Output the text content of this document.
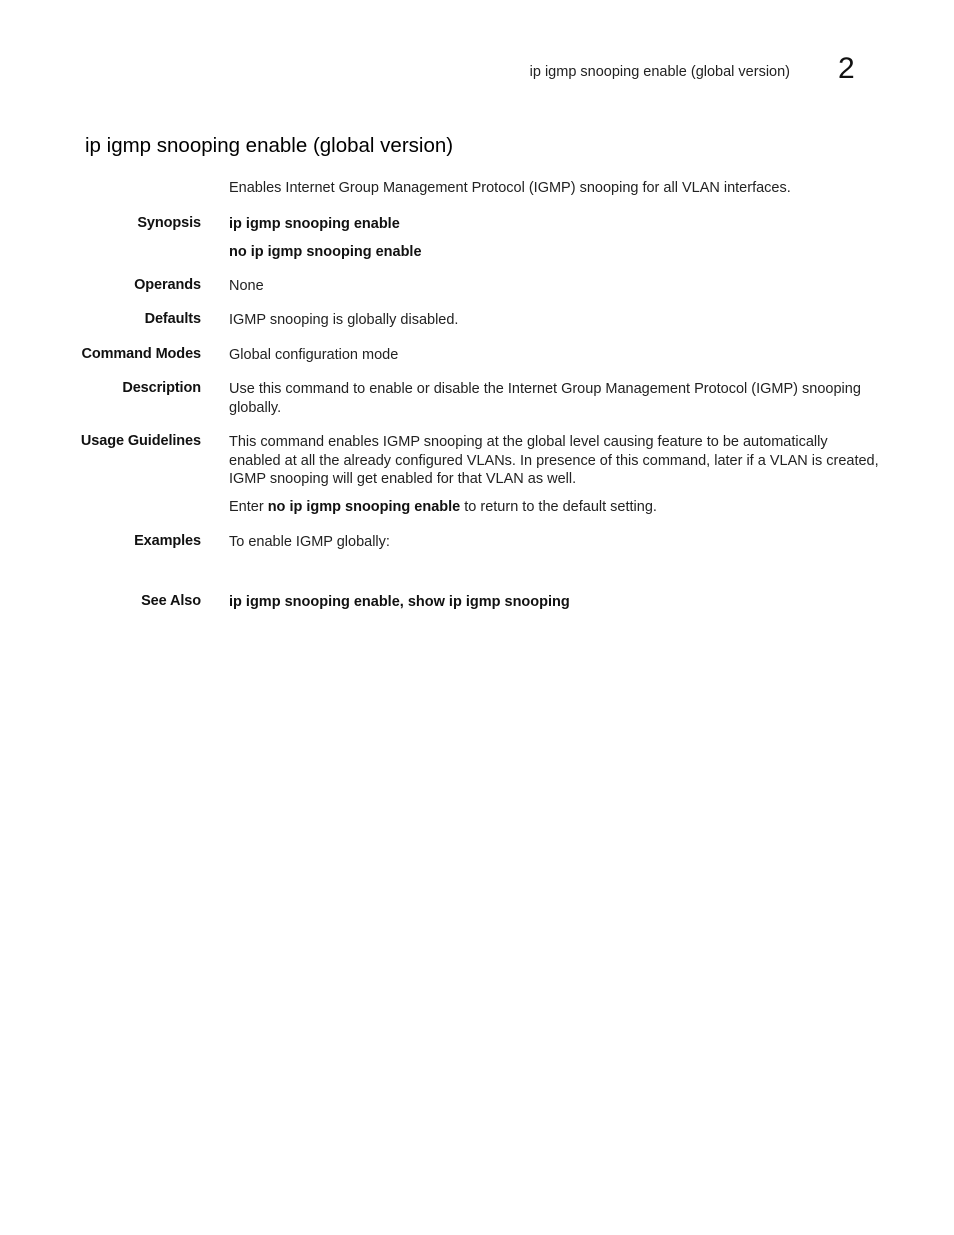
ip igmp snooping enable (global version) 2
ip igmp snooping enable (global version)
Enables Internet Group Management Protocol (IGMP) snooping for all VLAN interfaces.
Synopsis ip igmp snooping enable

no ip igmp snooping enable

Operands None
Defaults IGMP snooping is globally disabled.
Command Modes Global configuration mode
Description Use this command to enable or disable the Internet Group Management Protocol (IGMP) snooping globally.
Usage Guidelines This command enables IGMP snooping at the global level causing feature to be automatically enabled at all the already configured VLANs. In presence of this command, later if a VLAN is created, IGMP snooping will get enabled for that VLAN as well.

Enter no ip igmp snooping enable to return to the default setting.

Examples To enable IGMP globally:
See Also ip igmp snooping enable, show ip igmp snooping
